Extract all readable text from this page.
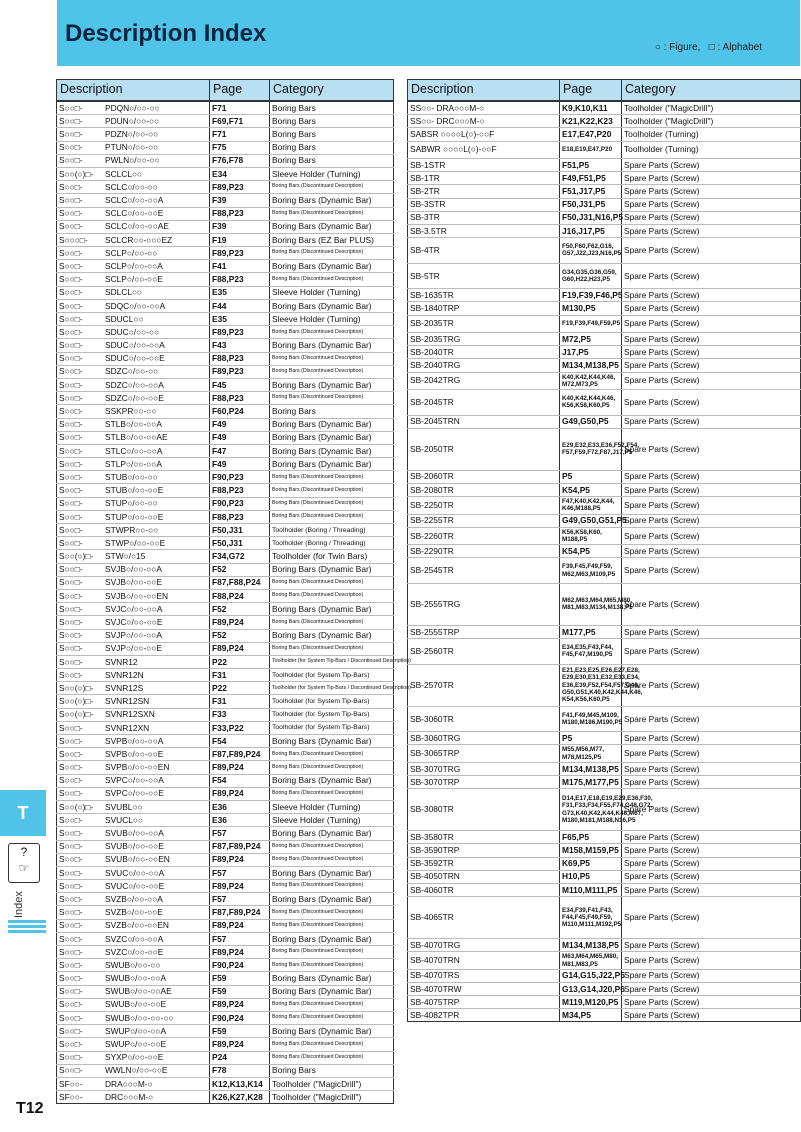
Description Index
○ : Figure, □ : Alphabet
Description	Page	Category
S○○□- PDQN○/○○-○○	F71	Boring Bars
S○○□- PDUN○/○○-○○	F69,F71	Boring Bars
S○○□- PDZN○/○○-○○	F71	Boring Bars
S○○□- PTUN○/○○-○○	F75	Boring Bars
S○○□- PWLN○/○○-○○	F76,F78	Boring Bars
S○○(○)□- SCLCL○○	E34	Sleeve Holder (Turning)
S○○□- SCLC○/○○-○○	F89,P23	Boring Bars (Discontinued Description)
S○○□- SCLC○/○○-○○A	F39	Boring Bars (Dynamic Bar)
S○○□- SCLC○/○○-○○E	F88,P23	Boring Bars (Discontinued Description)
S○○□- SCLC○/○○-○○AE	F39	Boring Bars (Dynamic Bar)
S○○○□- SCLCR○○-○○○EZ	F19	Boring Bars (EZ Bar PLUS)
S○○□- SCLP○/○○-○○	F89,P23	Boring Bars (Discontinued Description)
S○○□- SCLP○/○○-○○A	F41	Boring Bars (Dynamic Bar)
S○○□- SCLP○/○○-○○E	F88,P23	Boring Bars (Discontinued Description)
S○○□- SDLCL○○	E35	Sleeve Holder (Turning)
S○○□- SDQC○/○○-○○A	F44	Boring Bars (Dynamic Bar)
S○○□- SDUCL○○	E35	Sleeve Holder (Turning)
S○○□- SDUC○/○○-○○	F89,P23	Boring Bars (Discontinued Description)
S○○□- SDUC○/○○-○○A	F43	Boring Bars (Dynamic Bar)
S○○□- SDUC○/○○-○○E	F88,P23	Boring Bars (Discontinued Description)
S○○□- SDZC○/○○-○○	F89,P23	Boring Bars (Discontinued Description)
S○○□- SDZC○/○○-○○A	F45	Boring Bars (Dynamic Bar)
S○○□- SDZC○/○○-○○E	F88,P23	Boring Bars (Discontinued Description)
S○○□- SSKPR○○-○○	F60,P24	Boring Bars
S○○□- STLB○/○○-○○A	F49	Boring Bars (Dynamic Bar)
S○○□- STLB○/○○-○○AE	F49	Boring Bars (Dynamic Bar)
S○○□- STLC○/○○-○○A	F47	Boring Bars (Dynamic Bar)
S○○□- STLP○/○○-○○A	F49	Boring Bars (Dynamic Bar)
S○○□- STUB○/○○-○○	F90,P23	Boring Bars (Discontinued Description)
S○○□- STUB○/○○-○○E	F88,P23	Boring Bars (Discontinued Description)
S○○□- STUP○/○○-○○	F90,P23	Boring Bars (Discontinued Description)
S○○□- STUP○/○○-○○E	F88,P23	Boring Bars (Discontinued Description)
S○○□- STWPR○○-○○	F50,J31	Toolholder (Boring / Threading)
S○○□- STWP○/○○-○○E	F50,J31	Toolholder (Boring / Threading)
S○○(○)□- STW○/○15	F34,G72	Toolholder (for Twin Bars)
S○○□- SVJB○/○○-○○A	F52	Boring Bars (Dynamic Bar)
S○○□- SVJB○/○○-○○E	F87,F88,P24	Boring Bars (Discontinued Description)
S○○□- SVJB○/○○-○○EN	F88,P24	Boring Bars (Discontinued Description)
S○○□- SVJC○/○○-○○A	F52	Boring Bars (Dynamic Bar)
S○○□- SVJC○/○○-○○E	F89,P24	Boring Bars (Discontinued Description)
S○○□- SVJP○/○○-○○A	F52	Boring Bars (Dynamic Bar)
S○○□- SVJP○/○○-○○E	F89,P24	Boring Bars (Discontinued Description)
S○○□- SVNR12	P22	Toolholder (for System Tip-Bars / Discontinued Description)
S○○□- SVNR12N	F31	Toolholder (for System Tip-Bars)
S○○(○)□- SVNR12S	P22	Toolholder (for System Tip-Bars / Discontinued Description)
S○○(○)□- SVNR12SN	F31	Toolholder (for System Tip-Bars)
S○○(○)□- SVNR12SXN	F33	Toolholder (for System Tip-Bars)
S○○□- SVNR12XN	F33,P22	Toolholder (for System Tip-Bars)
S○○□- SVPB○/○○-○○A	F54	Boring Bars (Dynamic Bar)
S○○□- SVPB○/○○-○○E	F87,F89,P24	Boring Bars (Discontinued Description)
S○○□- SVPB○/○○-○○EN	F89,P24	Boring Bars (Discontinued Description)
S○○□- SVPC○/○○-○○A	F54	Boring Bars (Dynamic Bar)
S○○□- SVPC○/○○-○○E	F89,P24	Boring Bars (Discontinued Description)
S○○(○)□- SVUBL○○	E36	Sleeve Holder (Turning)
S○○□- SVUCL○○	E36	Sleeve Holder (Turning)
S○○□- SVUB○/○○-○○A	F57	Boring Bars (Dynamic Bar)
S○○□- SVUB○/○○-○○E	F87,F89,P24	Boring Bars (Discontinued Description)
S○○□- SVUB○/○○-○○EN	F89,P24	Boring Bars (Discontinued Description)
S○○□- SVUC○/○○-○○A	F57	Boring Bars (Dynamic Bar)
S○○□- SVUC○/○○-○○E	F89,P24	Boring Bars (Discontinued Description)
S○○□- SVZB○/○○-○○A	F57	Boring Bars (Dynamic Bar)
S○○□- SVZB○/○○-○○E	F87,F89,P24	Boring Bars (Discontinued Description)
S○○□- SVZB○/○○-○○EN	F89,P24	Boring Bars (Discontinued Description)
S○○□- SVZC○/○○-○○A	F57	Boring Bars (Dynamic Bar)
S○○□- SVZC○/○○-○○E	F89,P24	Boring Bars (Discontinued Description)
S○○□- SWUB○/○○-○○	F90,P24	Boring Bars (Discontinued Description)
S○○□- SWUB○/○○-○○A	F59	Boring Bars (Dynamic Bar)
S○○□- SWUB○/○○-○○AE	F59	Boring Bars (Dynamic Bar)
S○○□- SWUB○/○○-○○E	F89,P24	Boring Bars (Discontinued Description)
S○○□- SWUB○/○○-○○-○○	F90,P24	Boring Bars (Discontinued Description)
S○○□- SWUP○/○○-○○A	F59	Boring Bars (Dynamic Bar)
S○○□- SWUP○/○○-○○E	F89,P24	Boring Bars (Discontinued Description)
S○○□- SYXP○/○○-○○E	P24	Boring Bars (Discontinued Description)
S○○□- WWLN○/○○-○○E	F78	Boring Bars
SF○○- DRA○○○M-○	K12,K13,K14	Toolholder ("MagicDrill")
SF○○- DRC○○○M-○	K26,K27,K28	Toolholder ("MagicDrill")
Description	Page	Category
SS○○- DRA○○○M-○	K9,K10,K11	Toolholder ("MagicDrill")
SS○○- DRC○○○M-○	K21,K22,K23	Toolholder ("MagicDrill")
SABSR ○○○○L(○)-○○F	E17,E47,P20	Toolholder (Turning)
SABWR ○○○○L(○)-○○F	E18,E19,E47,P20	Toolholder (Turning)
SB-1STR	F51,P5	Spare Parts (Screw)
SB-1TR	F49,F51,P5	Spare Parts (Screw)
SB-2TR	F51,J17,P5	Spare Parts (Screw)
SB-3STR	F50,J31,P5	Spare Parts (Screw)
SB-3TR	F50,J31,N16,P5	Spare Parts (Screw)
SB-3.5TR	J16,J17,P5	Spare Parts (Screw)
SB-4TR	F50,F60,F62,G16, G57,J22,J23,N16,P5	Spare Parts (Screw)
SB-5TR	G34,G35,G36,G59, G60,H22,H23,P5	Spare Parts (Screw)
SB-1635TR	F19,F39,F46,P5	Spare Parts (Screw)
SB-1840TRP	M130,P5	Spare Parts (Screw)
SB-2035TR	F19,F39,F49,F59,P5	Spare Parts (Screw)
SB-2035TRG	M72,P5	Spare Parts (Screw)
SB-2040TR	J17,P5	Spare Parts (Screw)
SB-2040TRG	M134,M138,P5	Spare Parts (Screw)
SB-2042TRG	K40,K42,K44,K46, M72,M73,P5	Spare Parts (Screw)
SB-2045TR	K40,K42,K44,K46, K56,K58,K60,P5	Spare Parts (Screw)
SB-2045TRN	G49,G50,P5	Spare Parts (Screw)
SB-2050TR	E29,E32,E33,E36,F52,F54, F57,F59,F72,F87,J17,P5	Spare Parts (Screw)
SB-2060TR	P5	Spare Parts (Screw)
SB-2080TR	K54,P5	Spare Parts (Screw)
SB-2250TR	F47,K40,K42,K44, K46,M188,P5	Spare Parts (Screw)
SB-2255TR	G49,G50,G51,P5	Spare Parts (Screw)
SB-2260TR	K56,K58,K60, M188,P5	Spare Parts (Screw)
SB-2290TR	K54,P5	Spare Parts (Screw)
SB-2545TR	F39,F45,F49,F59, M62,M63,M109,P5	Spare Parts (Screw)
SB-2555TRG	M62,M63,M64,M65,M80, M81,M83,M134,M138,P5	Spare Parts (Screw)
SB-2555TRP	M177,P5	Spare Parts (Screw)
SB-2560TR	E34,E35,F43,F44, F45,F47,M190,P5	Spare Parts (Screw)
SB-2570TR	E21,E23,E25,E26,E27,E28, E29,E30,E31,E32,E33,E34, E36,E39,F52,F54,F57,G46, G50,G51,K40,K42,K44,K46, K54,K56,K60,P5	Spare Parts (Screw)
SB-3060TR	F41,F49,M45,M109, M180,M186,M190,P5	Spare Parts (Screw)
SB-3060TRG	P5	Spare Parts (Screw)
SB-3065TRP	M55,M56,M77, M78,M125,P5	Spare Parts (Screw)
SB-3070TRG	M134,M138,P5	Spare Parts (Screw)
SB-3070TRP	M175,M177,P5	Spare Parts (Screw)
SB-3080TR	D14,E17,E18,E19,E29,E36,F30, F31,F33,F34,F55,F74,G48,G72, G73,K40,K42,K44,K46,M67, M180,M181,M188,N16,P5	Spare Parts (Screw)
SB-3580TR	F65,P5	Spare Parts (Screw)
SB-3590TRP	M158,M159,P5	Spare Parts (Screw)
SB-3592TR	K69,P5	Spare Parts (Screw)
SB-4050TRN	H10,P5	Spare Parts (Screw)
SB-4060TR	M110,M111,P5	Spare Parts (Screw)
SB-4065TR	E34,F39,F41,F43, F44,F45,F49,F59, M110,M111,M192,P5	Spare Parts (Screw)
SB-4070TRG	M134,M138,P5	Spare Parts (Screw)
SB-4070TRN	M63,M64,M65,M80, M81,M83,P5	Spare Parts (Screw)
SB-4070TRS	G14,G15,J22,P5	Spare Parts (Screw)
SB-4070TRW	G13,G14,J20,P6	Spare Parts (Screw)
SB-4075TRP	M119,M120,P5	Spare Parts (Screw)
SB-4082TPR	M34,P5	Spare Parts (Screw)
T
?
☞
Index
T12
